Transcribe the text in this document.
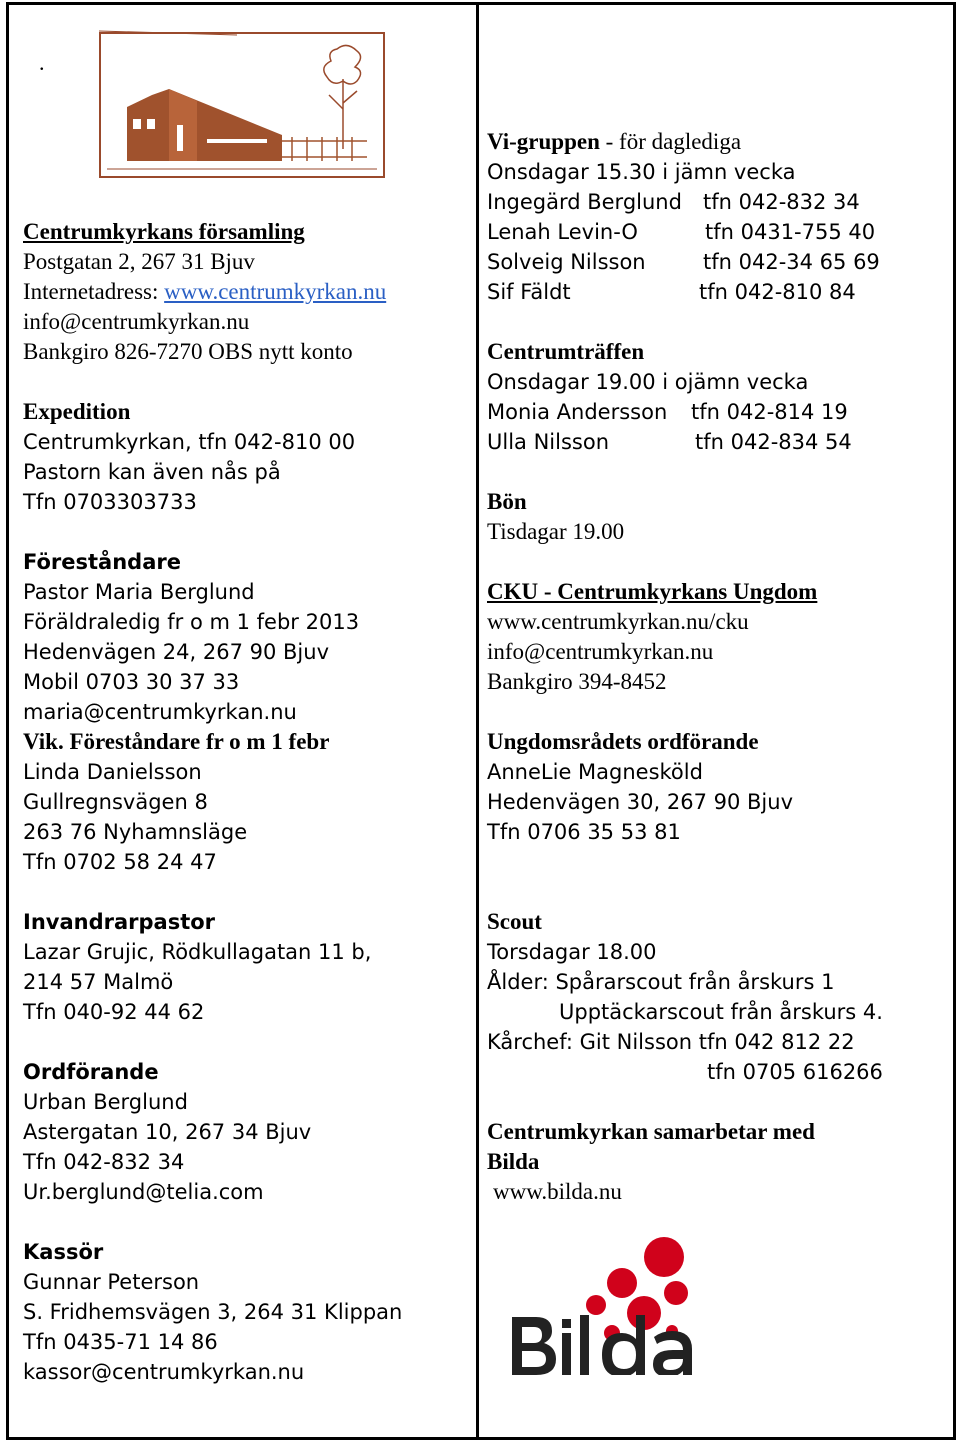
.
Centrumkyrkans församling
Postgatan 2, 267 31 Bjuv
Internetadress: www.centrumkyrkan.nu
info@centrumkyrkan.nu
Bankgiro 826-7270 OBS nytt konto
Expedition
Centrumkyrkan, tfn 042-810 00
Pastorn kan även nås på
Tfn 0703303733
Föreståndare
Pastor Maria Berglund
Föräldraledig fr o m 1 febr 2013
Hedenvägen 24, 267 90 Bjuv
Mobil 0703 30 37 33
maria@centrumkyrkan.nu
Vik. Föreståndare fr o m 1 febr
Linda Danielsson
Gullregnsvägen 8
263 76 Nyhamnsläge
Tfn 0702 58 24 47
Invandrarpastor
Lazar Grujic, Rödkullagatan 11 b,
214 57 Malmö
Tfn 040-92 44 62
Ordförande
Urban Berglund
Astergatan 10, 267 34 Bjuv
Tfn 042-832 34
Ur.berglund@telia.com
Kassör
Gunnar Peterson
S. Fridhemsvägen 3, 264 31 Klippan
Tfn 0435-71 14 86
kassor@centrumkyrkan.nu
Vi-gruppen - för daglediga
Onsdagar 15.30 i jämn vecka
Ingegärd Berglund tfn 042-832 34
Lenah Levin-O	tfn 0431-755 40
Solveig Nilsson	tfn 042-34 65 69
Sif Fäldt	tfn 042-810 84
Centrumträffen
Onsdagar 19.00 i ojämn vecka
Monia Andersson tfn 042-814 19
Ulla Nilsson	tfn 042-834 54
Bön
Tisdagar 19.00
CKU - Centrumkyrkans Ungdom
www.centrumkyrkan.nu/cku
info@centrumkyrkan.nu
Bankgiro 394-8452
Ungdomsrådets ordförande
AnneLie Magnesköld
Hedenvägen 30, 267 90 Bjuv
Tfn 0706 35 53 81
Scout
Torsdagar 18.00
Ålder: Spårarscout från årskurs 1
Upptäckarscout från årskurs 4.
Kårchef: Git Nilsson tfn 042 812 22
tfn 0705 616266
Centrumkyrkan samarbetar med
Bilda
www.bilda.nu
